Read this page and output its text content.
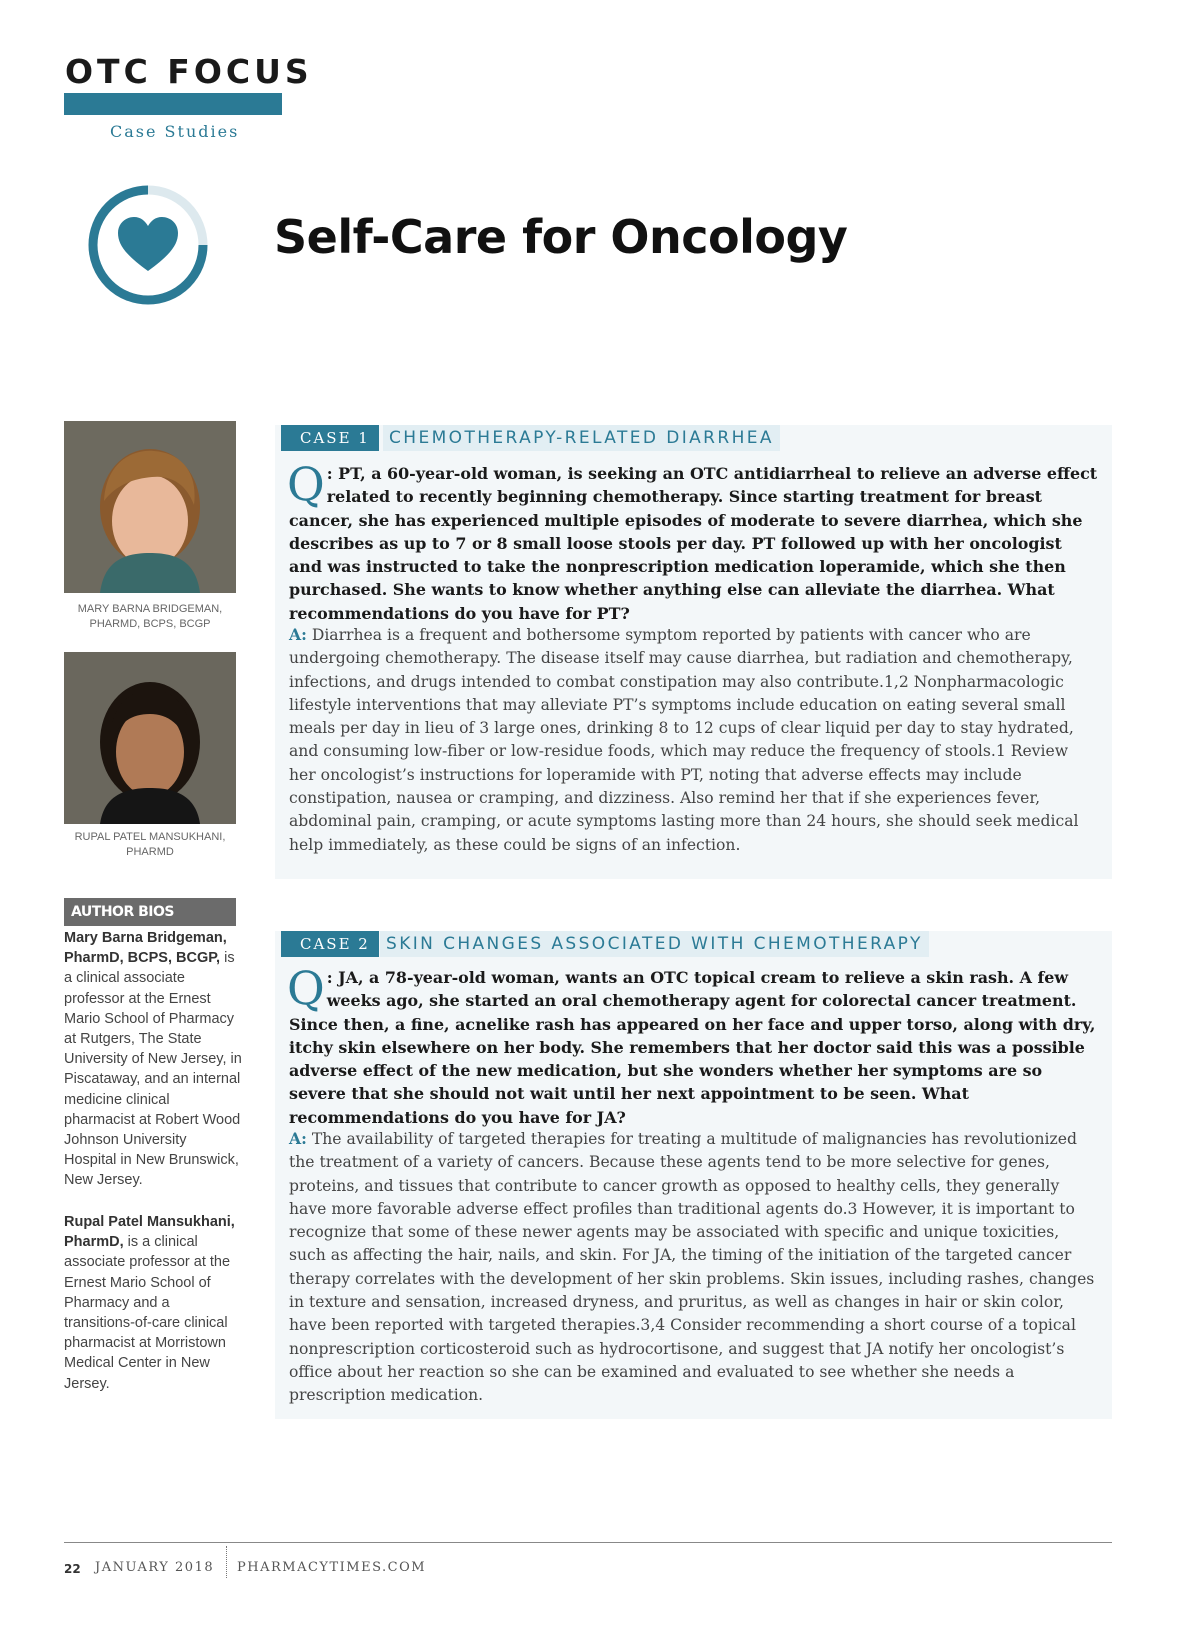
OTC FOCUS
Case Studies
Self-Care for Oncology
MARY BARNA BRIDGEMAN, PHARMD, BCPS, BCGP
RUPAL PATEL MANSUKHANI, PHARMD
AUTHOR BIOS
Mary Barna Bridgeman, PharmD, BCPS, BCGP, is a clinical associate professor at the Ernest Mario School of Pharmacy at Rutgers, The State University of New Jersey, in Piscataway, and an internal medicine clinical pharmacist at Robert Wood Johnson University Hospital in New Brunswick, New Jersey.
Rupal Patel Mansukhani, PharmD, is a clinical associate professor at the Ernest Mario School of Pharmacy and a transitions-of-care clinical pharmacist at Morristown Medical Center in New Jersey.
CASE 1	CHEMOTHERAPY-RELATED DIARRHEA
Q : PT, a 60-year-old woman, is seeking an OTC antidiarrheal to relieve an adverse effect related to recently beginning chemotherapy. Since starting treatment for breast cancer, she has experienced multiple episodes of moderate to severe diarrhea, which she describes as up to 7 or 8 small loose stools per day. PT followed up with her oncologist and was instructed to take the nonprescription medication loperamide, which she then purchased. She wants to know whether anything else can alleviate the diarrhea. What recommendations do you have for PT?
A: Diarrhea is a frequent and bothersome symptom reported by patients with cancer who are undergoing chemotherapy. The disease itself may cause diarrhea, but radiation and chemotherapy, infections, and drugs intended to combat constipation may also contribute.1,2 Nonpharmacologic lifestyle interventions that may alleviate PT’s symptoms include education on eating several small meals per day in lieu of 3 large ones, drinking 8 to 12 cups of clear liquid per day to stay hydrated, and consuming low-fiber or low-residue foods, which may reduce the frequency of stools.1 Review her oncologist’s instructions for loperamide with PT, noting that adverse effects may include constipation, nausea or cramping, and dizziness. Also remind her that if she experiences fever, abdominal pain, cramping, or acute symptoms lasting more than 24 hours, she should seek medical help immediately, as these could be signs of an infection.
CASE 2 SKIN CHANGES ASSOCIATED WITH CHEMOTHERAPY
Q : JA, a 78-year-old woman, wants an OTC topical cream to relieve a skin rash. A few weeks ago, she started an oral chemotherapy agent for colorectal cancer treatment. Since then, a fine, acnelike rash has appeared on her face and upper torso, along with dry, itchy skin elsewhere on her body. She remembers that her doctor said this was a possible adverse effect of the new medication, but she wonders whether her symptoms are so severe that she should not wait until her next appointment to be seen. What recommendations do you have for JA?
A: The availability of targeted therapies for treating a multitude of malignancies has revolutionized the treatment of a variety of cancers. Because these agents tend to be more selective for genes, proteins, and tissues that contribute to cancer growth as opposed to healthy cells, they generally have more favorable adverse effect profiles than traditional agents do.3 However, it is important to recognize that some of these newer agents may be associated with specific and unique toxicities, such as affecting the hair, nails, and skin. For JA, the timing of the initiation of the targeted cancer therapy correlates with the development of her skin problems. Skin issues, including rashes, changes in texture and sensation, increased dryness, and pruritus, as well as changes in hair or skin color, have been reported with targeted therapies.3,4 Consider recommending a short course of a topical nonprescription corticosteroid such as hydrocortisone, and suggest that JA notify her oncologist’s office about her reaction so she can be examined and evaluated to see whether she needs a prescription medication.
22 JANUARY 2018 PHARMACYTIMES.COM
